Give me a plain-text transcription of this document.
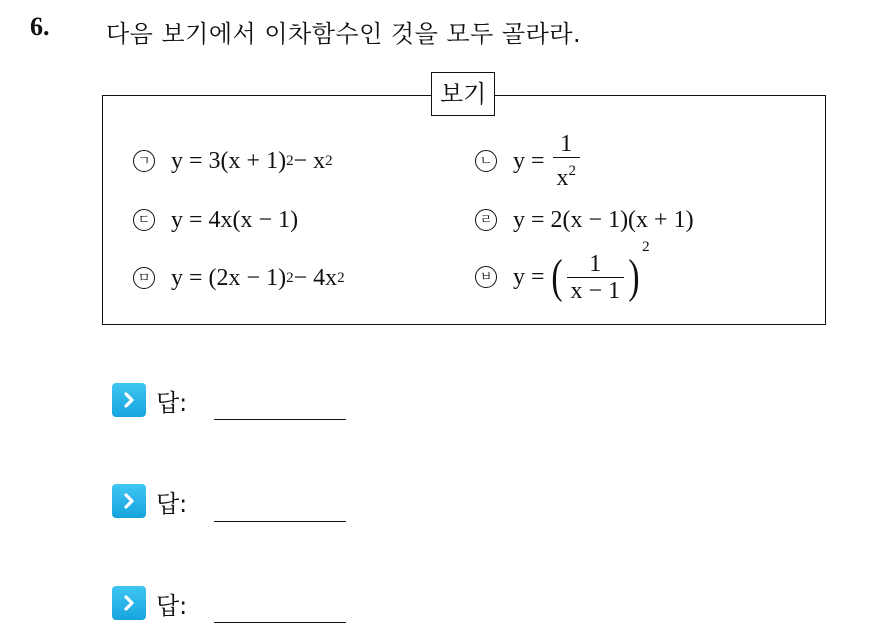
6. 다음 보기에서 이차함수인 것을 모두 골라라.
보기
ㄱ y = 3(x + 1) 2 − x 2	ㄴ $y = \frac{1}{x^2}$
ㄷ y = 4x(x − 1)	ㄹ y = 2(x − 1)(x + 1)
ㅁ y = (2x − 1) 2 − 4x 2	ㅂ y = ( $\frac{1}{x - 1}$ )
2
답:
답:
답:
